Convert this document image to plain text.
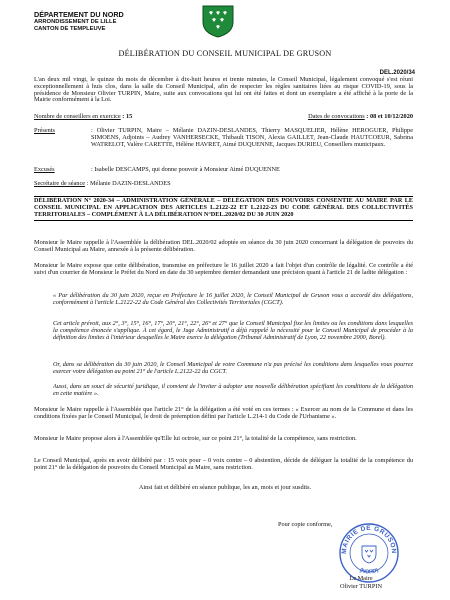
DÉPARTEMENT DU NORD
ARRONDISSEMENT DE LILLE
CANTON DE TEMPLEUVE
DÉLIBÉRATION DU CONSEIL MUNICIPAL DE GRUSON
DEL.2020/34
L'an deux mil vingt, le quinze du mois de décembre à dix-huit heures et trente minutes, le Conseil Municipal, légalement convoqué s'est réuni exceptionnellement à huis clos, dans la salle du Conseil Municipal, afin de respecter les règles sanitaires liées au risque COVID-19, sous la présidence de Monsieur Olivier TURPIN, Maire, suite aux convocations qui lui ont été faites et dont un exemplaire a été affiché à la porte de la Mairie conformément à la Loi.
Nombre de conseillers en exercice : 15	Dates de convocations : 08 et 10/12/2020
Présents	: Olivier TURPIN, Maire – Mélanie DAZIN-DESLANDES, Thierry MASQUELIER, Hélène HEROGUER, Philippe SIMOENS, Adjoints – Audrey VANHERSECKE, Thibault TISON, Alexia GAILLET, Jean-Claude HAUTCOEUR, Sabrina WATRELOT, Valère CARETTE, Hélène HAVRET, Aimé DUQUENNE, Jacques DURIEU, Conseillers municipaux.
Excusés	: Isabelle DESCAMPS, qui donne pouvoir à Monsieur Aimé DUQUENNE
Secrétaire de séance : Mélanie DAZIN-DESLANDES
DÉLIBÉRATION N° 2020-34 – ADMINISTRATION GÉNÉRALE – DÉLÉGATION DES POUVOIRS CONSENTIE AU MAIRE PAR LE CONSEIL MUNICIPAL EN APPLICATION DES ARTICLES L.2122-22 ET L.2122-23 DU CODE GÉNÉRAL DES COLLECTIVITÉS TERRITORIALES – COMPLÉMENT À LA DÉLIBÉRATION N°DEL.2020/02 DU 30 JUIN 2020
Monsieur le Maire rappelle à l'Assemblée la délibération DEL.2020/02 adoptée en séance du 30 juin 2020 concernant la délégation de pouvoirs du Conseil Municipal au Maire, annexée à la présente délibération.
Monsieur le Maire expose que cette délibération, transmise en préfecture le 16 juillet 2020 a fait l'objet d'un contrôle de légalité. Ce contrôle a été suivi d'un courrier de Monsieur le Préfet du Nord en date du 30 septembre dernier demandant une précision quant à l'article 21 de ladite délégation :
« Par délibération du 30 juin 2020, reçue en Préfecture le 16 juillet 2020, le Conseil Municipal de Gruson vous a accordé des délégations, conformément à l'article L.2122-22 du Code Général des Collectivités Territoriales (CGCT).
Cet article prévoit, aux 2°, 3°, 15°, 16°, 17°, 20°, 21°, 22°, 26° et 27° que le Conseil Municipal fixe les limites ou les conditions dans lesquelles la compétence énoncée s'applique. À cet égard, le Juge Administratif a déjà rappelé la nécessité pour le Conseil Municipal de procéder à la définition des limites à l'intérieur desquelles le Maire exerce la délégation (Tribunal Administratif de Lyon, 22 novembre 2000, Borel).
Or, dans sa délibération du 30 juin 2020, le Conseil Municipal de votre Commune n'a pas précisé les conditions dans lesquelles vous pourrez exercer votre délégation au point 21° de l'article L.2122-22 du CGCT.
Aussi, dans un souci de sécurité juridique, il convient de l'inviter à adopter une nouvelle délibération spécifiant les conditions de la délégation en cette matière ».
Monsieur le Maire rappelle à l'Assemblée que l'article 21° de la délégation a été voté en ces termes : « Exercer au nom de la Commune et dans les conditions fixées par le Conseil Municipal, le droit de préemption défini par l'article L.214-1 du Code de l'Urbanisme ».
Monsieur le Maire propose alors à l'Assemblée qu'Elle lui octroie, sur ce point 21°, la totalité de la compétence, sans restriction.
Le Conseil Municipal, après en avoir délibéré par : 15 voix pour – 0 voix contre – 0 abstention, décide de déléguer la totalité de la compétence du point 21° de la délégation de pouvoirs du Conseil Municipal au Maire, sans restriction.
Ainsi fait et délibéré en séance publique, les an, mois et jour susdits.
Pour copie conforme,
MAIRIE DE GRUSON
(NORD)
Le Maire
Olivier TURPIN
